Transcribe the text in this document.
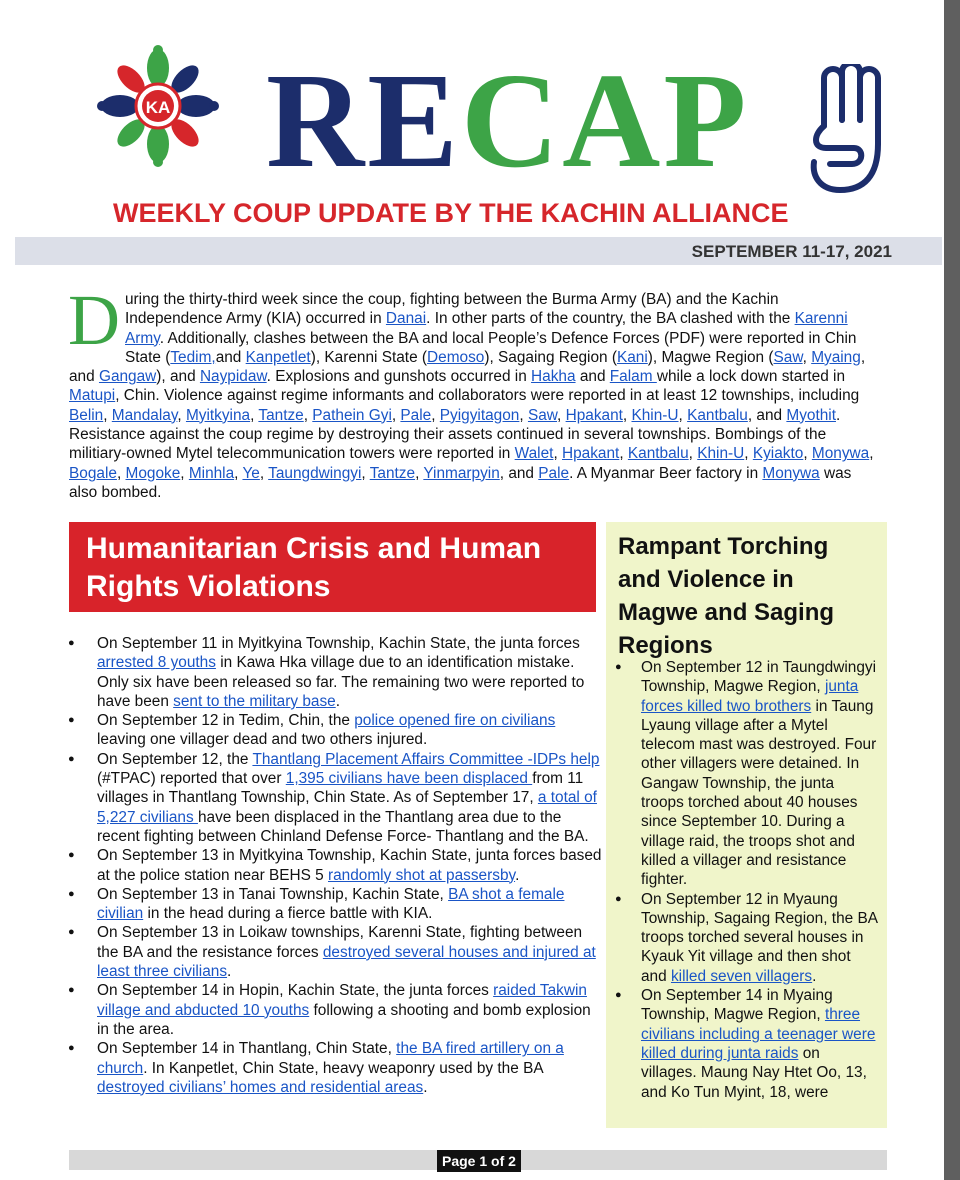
KA RECAP
WEEKLY COUP UPDATE BY THE KACHIN ALLIANCE
SEPTEMBER 11-17, 2021
D uring the thirty-third week since the coup, fighting between the Burma Army (BA) and the Kachin Independence Army (KIA) occurred in Danai. In other parts of the country, the BA clashed with the Karenni Army. Additionally, clashes between the BA and local People’s Defence Forces (PDF) were reported in Chin State (Tedim,and Kanpetlet), Karenni State (Demoso), Sagaing Region (Kani), Magwe Region (Saw, Myaing, and Gangaw), and Naypidaw. Explosions and gunshots occurred in Hakha and Falam while a lock down started in Matupi, Chin. Violence against regime informants and collaborators were reported in at least 12 townships, including Belin, Mandalay, Myitkyina, Tantze, Pathein Gyi, Pale, Pyigyitagon, Saw, Hpakant, Khin-U, Kantbalu, and Myothit. Resistance against the coup regime by destroying their assets continued in several townships. Bombings of the militiary-owned Mytel telecommunication towers were reported in Walet, Hpakant, Kantbalu, Khin-U, Kyiakto, Monywa, Bogale, Mogoke, Minhla, Ye, Taungdwingyi, Tantze, Yinmarpyin, and Pale. A Myanmar Beer factory in Monywa was also bombed.
Humanitarian Crisis and Human Rights Violations
● On September 11 in Myitkyina Township, Kachin State, the junta forces arrested 8 youths in Kawa Hka village due to an identification mistake. Only six have been released so far. The remaining two were reported to have been sent to the military base.
● On September 12 in Tedim, Chin, the police opened fire on civilians leaving one villager dead and two others injured.
● On September 12, the Thantlang Placement Affairs Committee -IDPs help (#TPAC) reported that over 1,395 civilians have been displaced from 11 villages in Thantlang Township, Chin State. As of September 17, a total of 5,227 civilians have been displaced in the Thantlang area due to the recent fighting between Chinland Defense Force- Thantlang and the BA.
● On September 13 in Myitkyina Township, Kachin State, junta forces based at the police station near BEHS 5 randomly shot at passersby.
● On September 13 in Tanai Township, Kachin State, BA shot a female civilian in the head during a fierce battle with KIA.
● On September 13 in Loikaw townships, Karenni State, fighting between the BA and the resistance forces destroyed several houses and injured at least three civilians.
● On September 14 in Hopin, Kachin State, the junta forces raided Takwin village and abducted 10 youths following a shooting and bomb explosion in the area.
● On September 14 in Thantlang, Chin State, the BA fired artillery on a church. In Kanpetlet, Chin State, heavy weaponry used by the BA destroyed civilians’ homes and residential areas.
Rampant Torching and Violence in Magwe and Saging Regions
● On September 12 in Taungdwingyi Township, Magwe Region, junta forces killed two brothers in Taung Lyaung village after a Mytel telecom mast was destroyed. Four other villagers were detained. In Gangaw Township, the junta troops torched about 40 houses since September 10. During a village raid, the troops shot and killed a villager and resistance fighter.
● On September 12 in Myaung Township, Sagaing Region, the BA troops torched several houses in Kyauk Yit village and then shot and killed seven villagers.
● On September 14 in Myaing Township, Magwe Region, three civilians including a teenager were killed during junta raids on villages. Maung Nay Htet Oo, 13, and Ko Tun Myint, 18, were
Page 1 of 2
